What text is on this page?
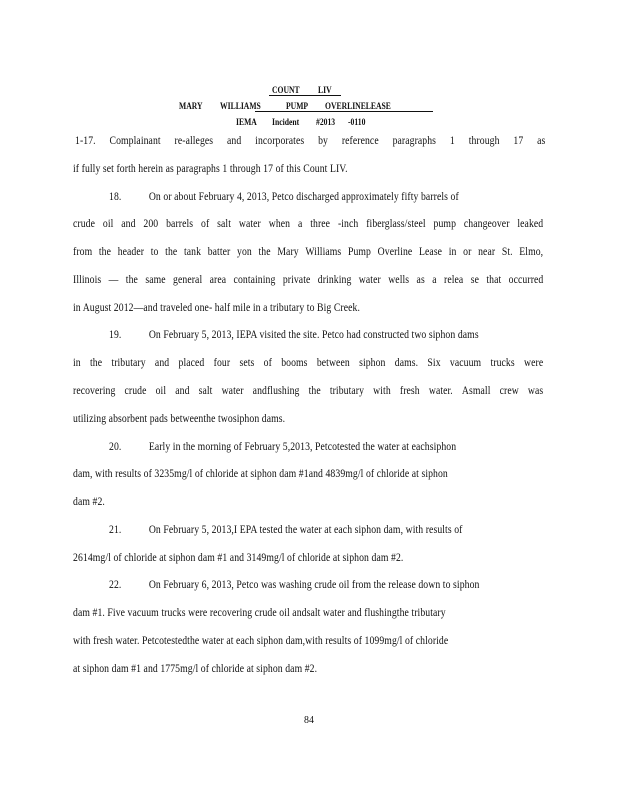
COUNT LIV
MARY WILLIAMS	PUMP OVERLINELEASE
IEMA Incident #2013 -0110
1-17. Complainant re-alleges and incorporates by reference paragraphs 1 through 17 as
if fully set forth herein as paragraphs 1 through 17 of this Count LIV.
18. On or about February 4, 2013, Petco discharged approximately fifty barrels of
crude oil and 200 barrels of salt water when a three -inch fiberglass/steel pump changeover leaked
from the header to the tank batter yon the Mary Williams Pump Overline Lease in or near St. Elmo,
Illinois — the same general area containing private drinking water wells as a relea se that occurred
in August 2012—and traveled one- half mile in a tributary to Big Creek.
19. On February 5, 2013, IEPA visited the site. Petco had constructed two siphon dams
in the tributary and placed four sets of booms between siphon dams. Six vacuum trucks were
recovering crude oil and salt water andflushing the tributary with fresh water. Asmall crew was
utilizing absorbent pads betweenthe twosiphon dams.
20. Early in the morning of February 5,2013, Petcotested the water at eachsiphon
dam, with results of 3235mg/l of chloride at siphon dam #1and 4839mg/l of chloride at siphon
dam #2.
21. On February 5, 2013,I EPA tested the water at each siphon dam, with results of
2614mg/l of chloride at siphon dam #1 and 3149mg/l of chloride at siphon dam #2.
22. On February 6, 2013, Petco was washing crude oil from the release down to siphon
dam #1. Five vacuum trucks were recovering crude oil andsalt water and flushingthe tributary
with fresh water. Petcotestedthe water at each siphon dam,with results of 1099mg/l of chloride
at siphon dam #1 and 1775mg/l of chloride at siphon dam #2.
84
